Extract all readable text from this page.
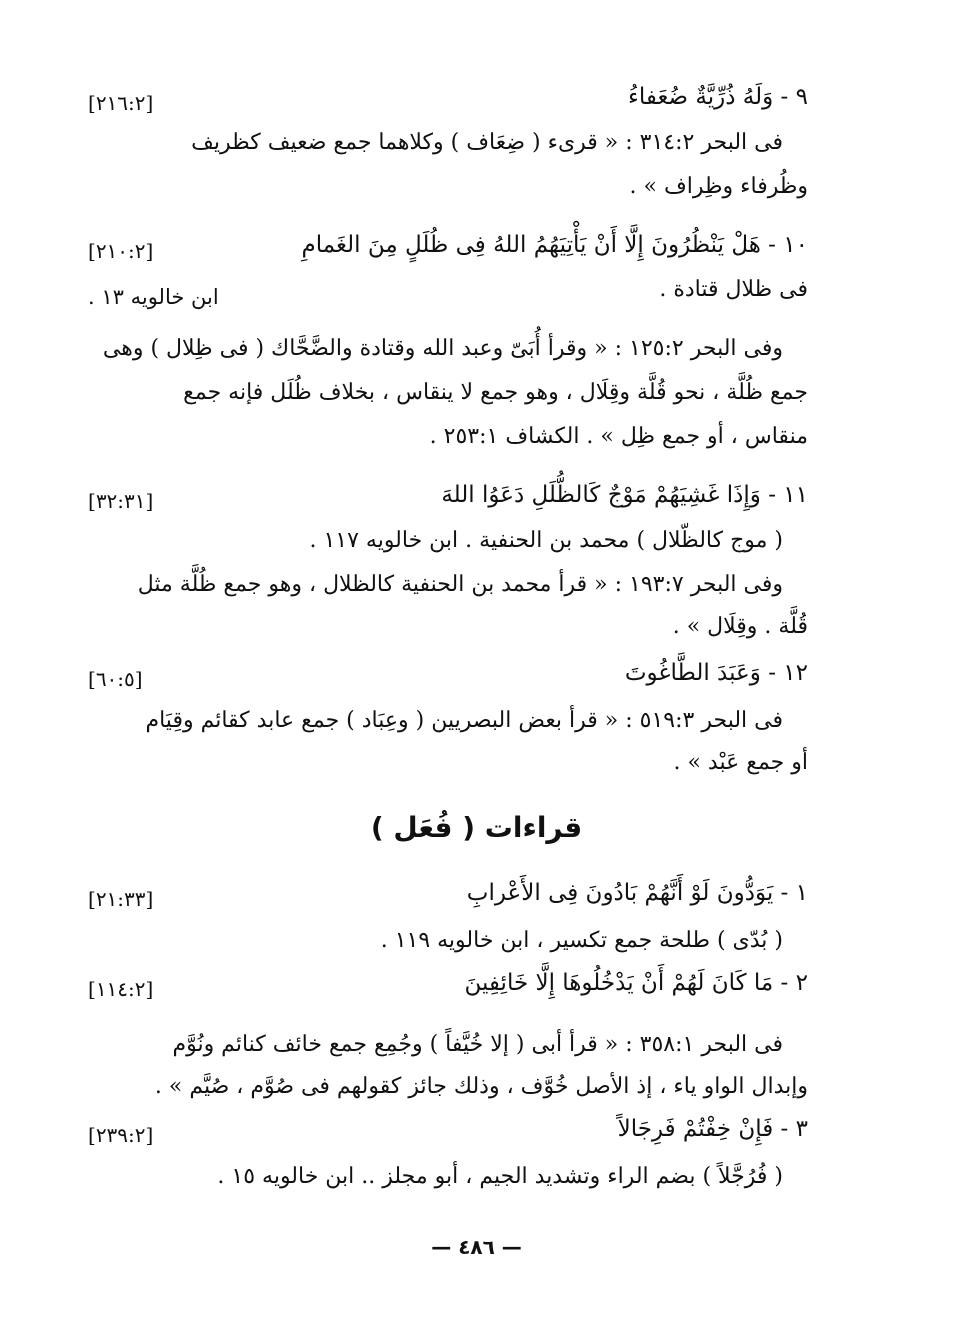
٩ - وَلَهُ ذُرِّيَّةٌ ضُعَفاءُ
[٢١٦:٢]
فى البحر ٣١٤:٢ : « قرىء ( ضِعَاف ) وكلاهما جمع ضعيف كظريف
وظُرفاء وظِراف » .
١٠ - هَلْ يَنْظُرُونَ إِلَّا أَنْ يَأْتِيَهُمُ اللهُ فِى ظُلَلٍ مِنَ الغَمامِ
[٢١٠:٢]
فى ظلال قتادة .
ابن خالويه ١٣ .
وفى البحر ١٢٥:٢ : « وقرأ أُبَىّ وعبد الله وقتادة والضَّحَّاك ( فى ظِلال ) وهى
جمع ظُلَّة ، نحو قُلَّة وقِلَال ، وهو جمع لا ينقاس ، بخلاف ظُلَل فإنه جمع
منقاس ، أو جمع ظِل » . الكشاف ٢٥٣:١ .
١١ - وَإِذَا غَشِيَهُمْ مَوْجٌ كَالظُّلَلِ دَعَوُا اللهَ
[٣٢:٣١]
( موج كالظّلال ) محمد بن الحنفية . ابن خالويه ١١٧ .
وفى البحر ١٩٣:٧ : « قرأ محمد بن الحنفية كالظلال ، وهو جمع ظُلَّة مثل
قُلَّة . وقِلَال » .
١٢ - وَعَبَدَ الطَّاغُوتَ
[٦٠:٥]
فى البحر ٥١٩:٣ : « قرأ بعض البصريين ( وعِبَاد ) جمع عابد كقائم وقِيَام
أو جمع عَبْد » .
قراءات ( فُعَل )
١ - يَوَدُّونَ لَوْ أَنَّهُمْ بَادُونَ فِى الأَعْرابِ
[٢١:٣٣]
( بُدّى ) طلحة جمع تكسير ، ابن خالويه ١١٩ .
٢ - مَا كَانَ لَهُمْ أَنْ يَدْخُلُوهَا إِلَّا خَائِفِينَ
[١١٤:٢]
فى البحر ٣٥٨:١ : « قرأ أبى ( إلا خُيَّفاً ) وجُمِع جمع خائف كنائم ونُوَّم
وإبدال الواو ياء ، إذ الأصل خُوَّف ، وذلك جائز كقولهم فى صُوَّم ، صُيَّم » .
٣ - فَإِنْ خِفْتُمْ فَرِجَالاً
[٢٣٩:٢]
( فُرُجَّلاً ) بضم الراء وتشديد الجيم ، أبو مجلز .. ابن خالويه ١٥ .
— ٤٨٦ —
